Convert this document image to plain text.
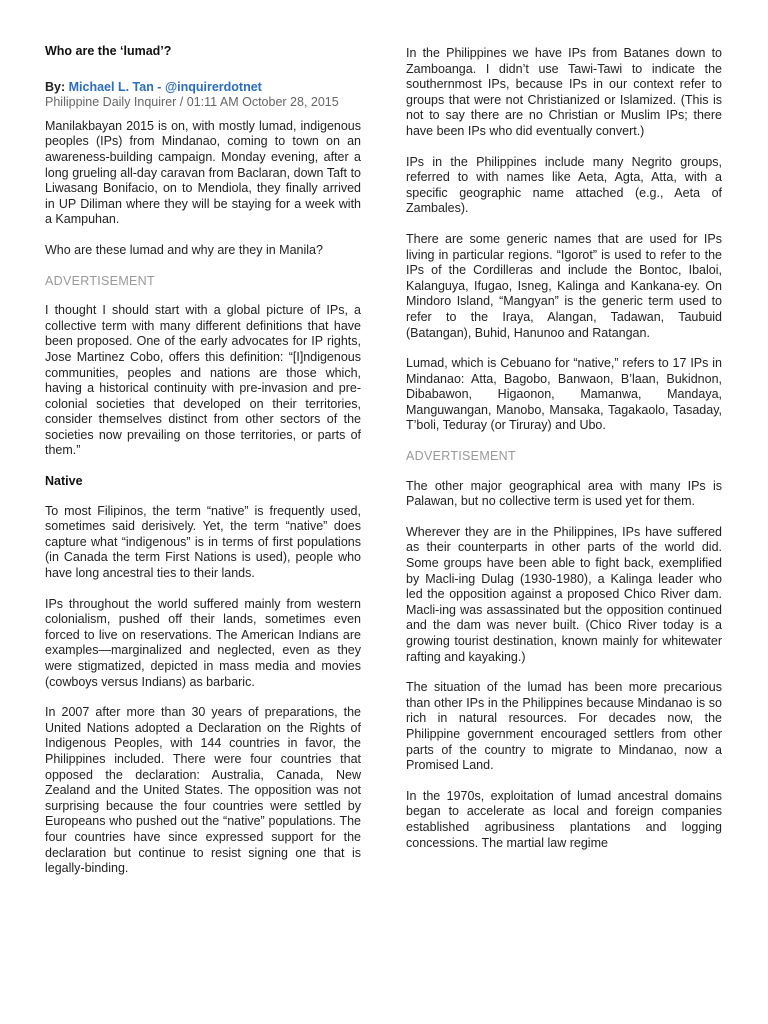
Who are the ‘lumad’?
By: Michael L. Tan - @inquirerdotnet
Philippine Daily Inquirer / 01:11 AM October 28, 2015

Manilakbayan 2015 is on, with mostly lumad, indigenous peoples (IPs) from Mindanao, coming to town on an awareness-building campaign. Monday evening, after a long grueling all-day caravan from Baclaran, down Taft to Liwasang Bonifacio, on to Mendiola, they finally arrived in UP Diliman where they will be staying for a week with a Kampuhan.

Who are these lumad and why are they in Manila?

ADVERTISEMENT

I thought I should start with a global picture of IPs, a collective term with many different definitions that have been proposed. One of the early advocates for IP rights, Jose Martinez Cobo, offers this definition: “[I]ndigenous communities, peoples and nations are those which, having a historical continuity with pre-invasion and pre-colonial societies that developed on their territories, consider themselves distinct from other sectors of the societies now prevailing on those territories, or parts of them.”

Native

To most Filipinos, the term “native” is frequently used, sometimes said derisively. Yet, the term “native” does capture what “indigenous” is in terms of first populations (in Canada the term First Nations is used), people who have long ancestral ties to their lands.

IPs throughout the world suffered mainly from western colonialism, pushed off their lands, sometimes even forced to live on reservations. The American Indians are examples—marginalized and neglected, even as they were stigmatized, depicted in mass media and movies (cowboys versus Indians) as barbaric.

In 2007 after more than 30 years of preparations, the United Nations adopted a Declaration on the Rights of Indigenous Peoples, with 144 countries in favor, the Philippines included. There were four countries that opposed the declaration: Australia, Canada, New Zealand and the United States. The opposition was not surprising because the four countries were settled by Europeans who pushed out the “native” populations. The four countries have since expressed support for the declaration but continue to resist signing one that is legally-binding.

In the Philippines we have IPs from Batanes down to Zamboanga. I didn’t use Tawi-Tawi to indicate the southernmost IPs, because IPs in our context refer to groups that were not Christianized or Islamized. (This is not to say there are no Christian or Muslim IPs; there have been IPs who did eventually convert.)

IPs in the Philippines include many Negrito groups, referred to with names like Aeta, Agta, Atta, with a specific geographic name attached (e.g., Aeta of Zambales).

There are some generic names that are used for IPs living in particular regions. “Igorot” is used to refer to the IPs of the Cordilleras and include the Bontoc, Ibaloi, Kalanguya, Ifugao, Isneg, Kalinga and Kankana-ey. On Mindoro Island, “Mangyan” is the generic term used to refer to the Iraya, Alangan, Tadawan, Taubuid (Batangan), Buhid, Hanunoo and Ratangan.

Lumad, which is Cebuano for “native,” refers to 17 IPs in Mindanao: Atta, Bagobo, Banwaon, B’laan, Bukidnon, Dibabawon, Higaonon, Mamanwa, Mandaya, Manguwangan, Manobo, Mansaka, Tagakaolo, Tasaday, T’boli, Teduray (or Tiruray) and Ubo.

ADVERTISEMENT

The other major geographical area with many IPs is Palawan, but no collective term is used yet for them.

Wherever they are in the Philippines, IPs have suffered as their counterparts in other parts of the world did. Some groups have been able to fight back, exemplified by Macli-ing Dulag (1930-1980), a Kalinga leader who led the opposition against a proposed Chico River dam. Macli-ing was assassinated but the opposition continued and the dam was never built. (Chico River today is a growing tourist destination, known mainly for whitewater rafting and kayaking.)

The situation of the lumad has been more precarious than other IPs in the Philippines because Mindanao is so rich in natural resources. For decades now, the Philippine government encouraged settlers from other parts of the country to migrate to Mindanao, now a Promised Land.

In the 1970s, exploitation of lumad ancestral domains began to accelerate as local and foreign companies established agribusiness plantations and logging concessions. The martial law regime
